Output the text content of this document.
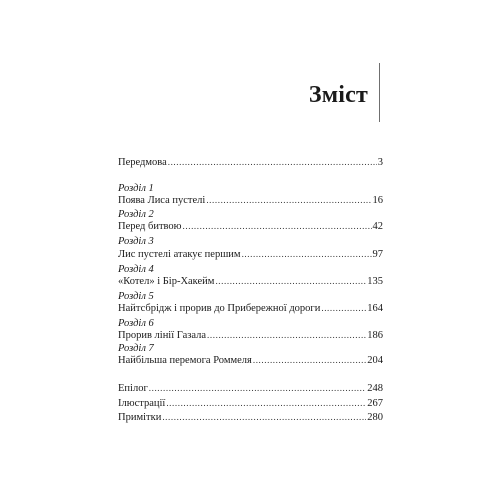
Зміст
Передмова .....	3
Розділ 1
Поява Лиса пустелі .....	16
Розділ 2
Перед битвою .....	42
Розділ 3
Лис пустелі атакує першим .....	97
Розділ 4
«Котел» і Бір-Хакейм .....	135
Розділ 5
Найтсбрідж і прорив до Прибережної дороги .....	164
Розділ 6
Прорив лінії Газала .....	186
Розділ 7
Найбільша перемога Роммеля .....	204
Епілог .....	248
Ілюстрації .....	267
Примітки .....	280
